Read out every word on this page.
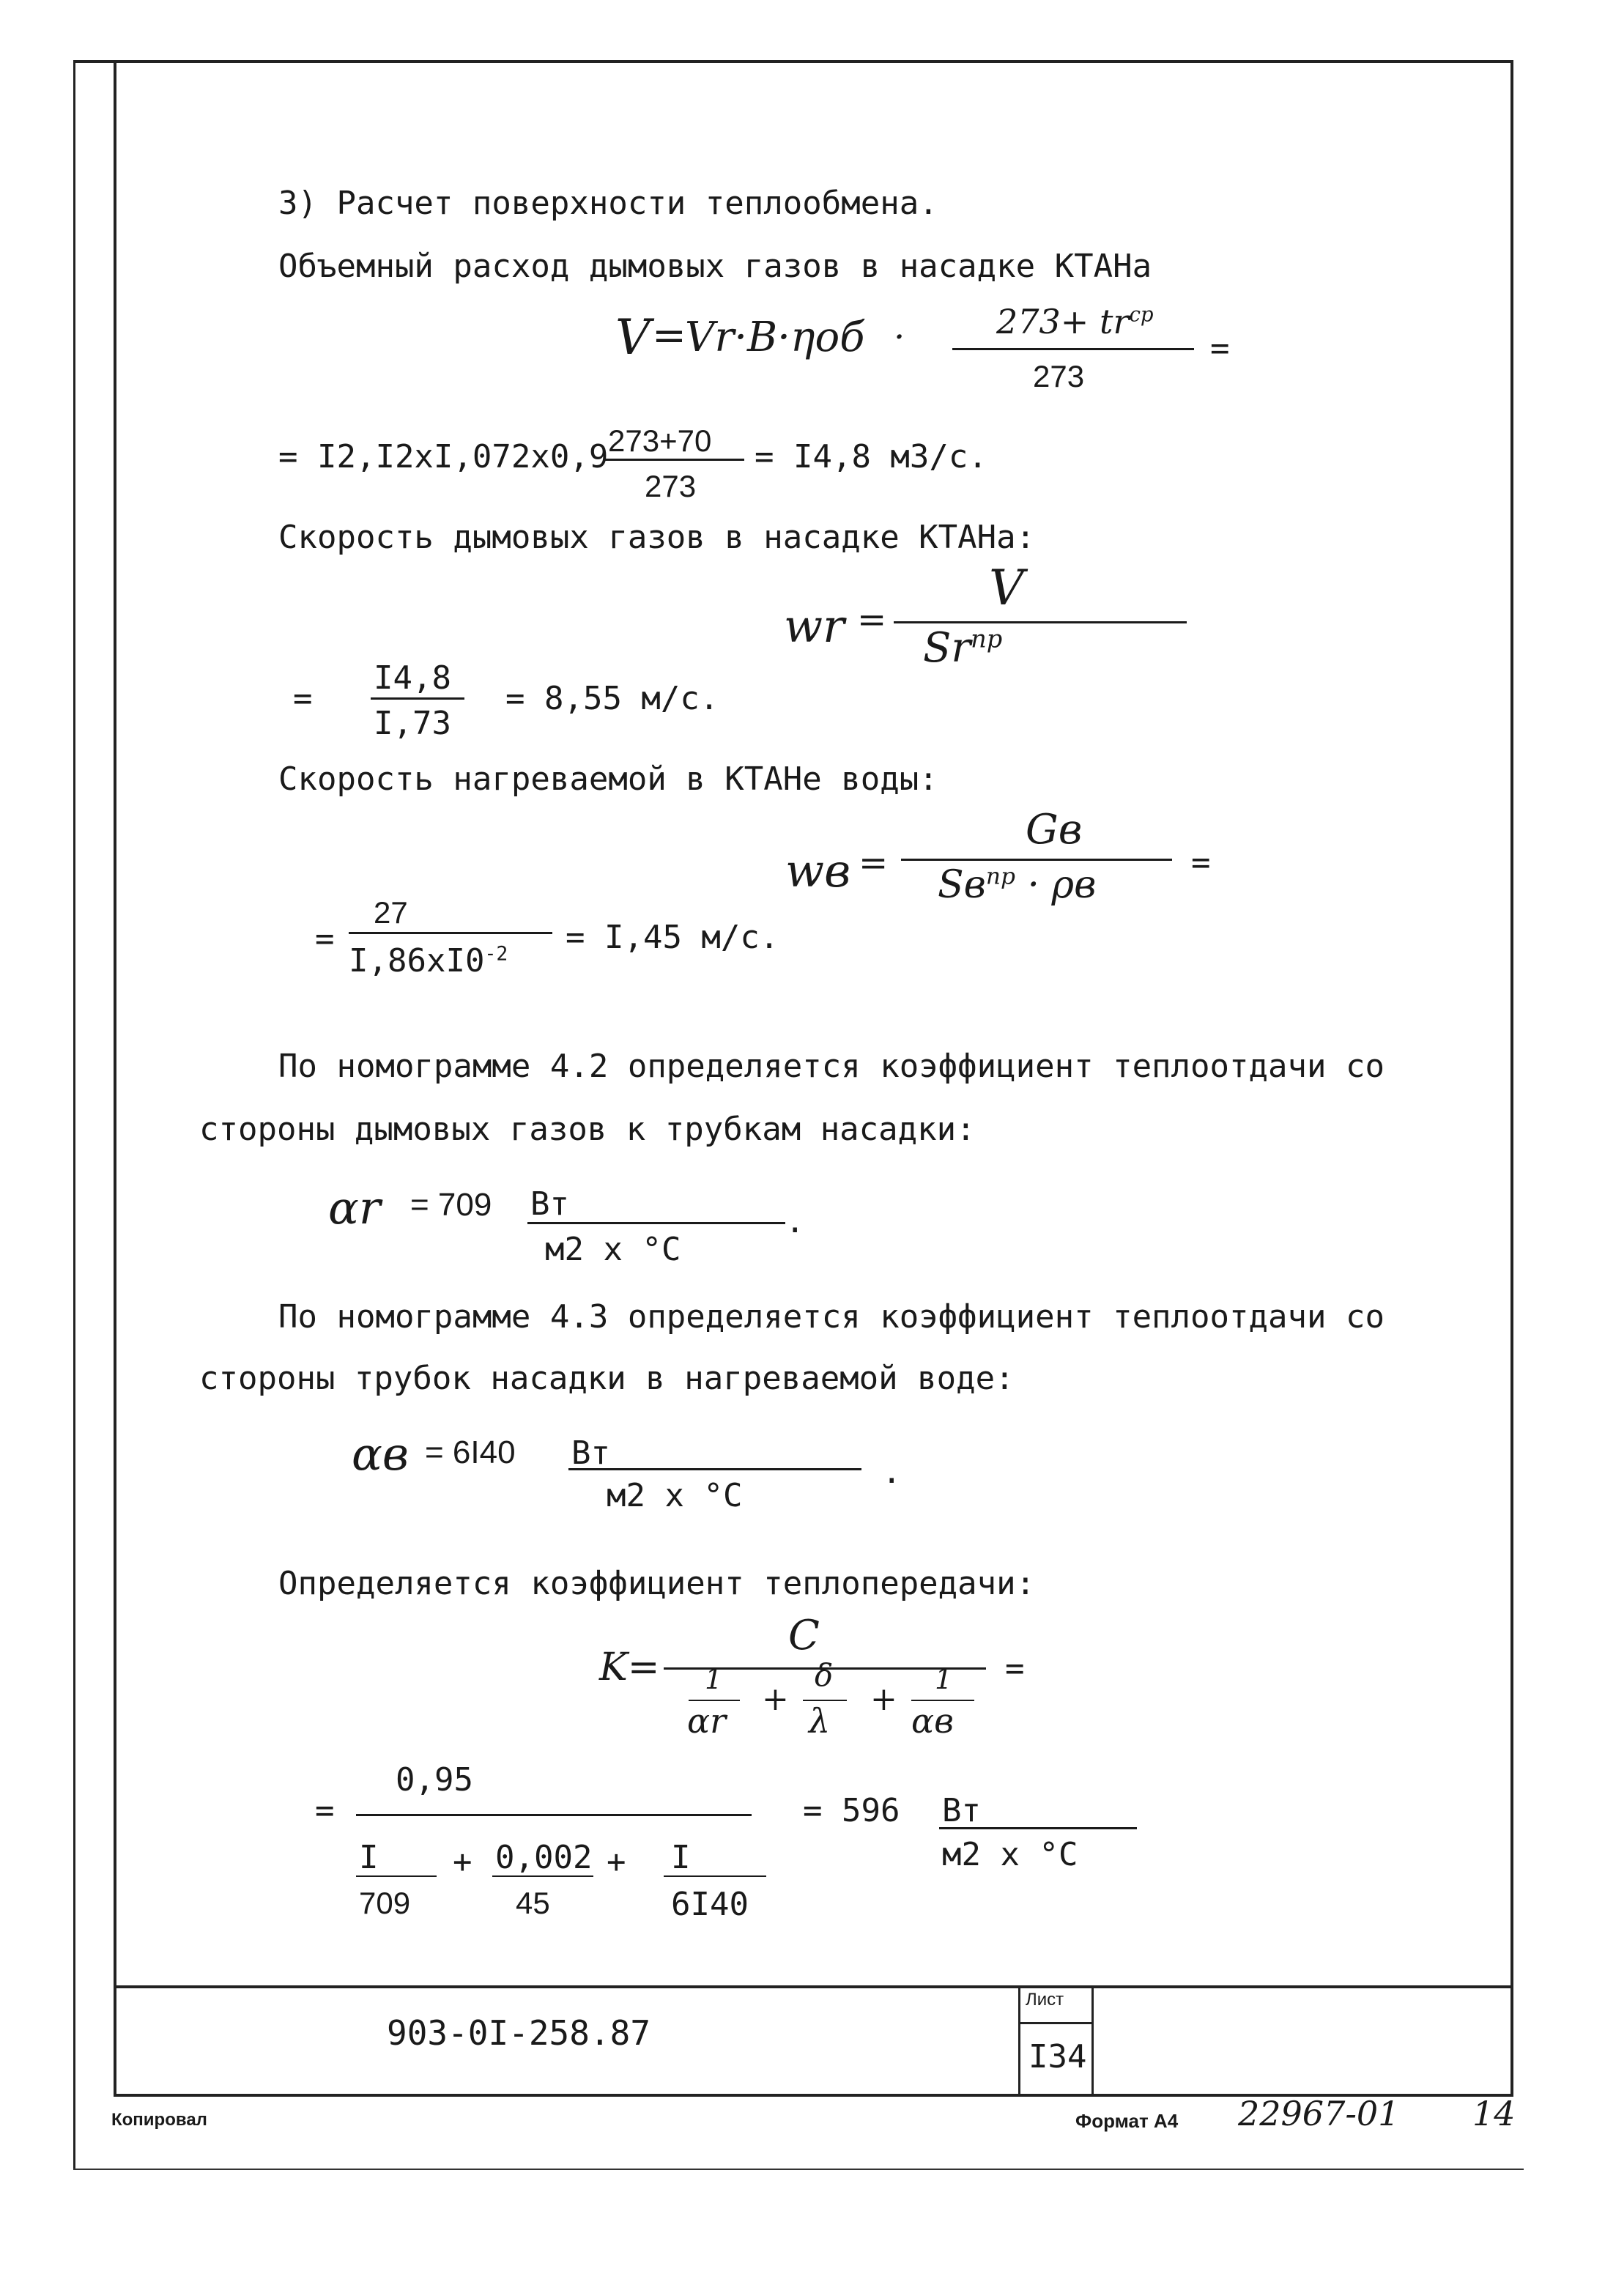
903-0I-258.87
Лист
I34
Копировал	Формат А4 22967-01 14
3) Расчет поверхности теплообмена.
Объемный расход дымовых газов в насадке КТАНа
V =
Vr·B·ηоб ·	$273+ tr^{ср}$
273
=
= I2,I2xI,072x0,9 273+70
273
= I4,8 м3/с.
Скорость дымовых газов в насадке КТАНа:
wr =
V
$Sr^{пр}$
=
I4,8
I,73
= 8,55 м/с.
Скорость нагреваемой в КТАНе воды:
wв =
Gв
$Sв^{пр} \cdot \rho в$
=
=
27
$I,86xI0^{-2} = I,45$ м/с.
По номограмме 4.2 определяется коэффициент теплоотдачи со
стороны дымовых газов к трубкам насадки:
αr = 709 Вт
м2 х °С
.
По номограмме 4.3 определяется коэффициент теплоотдачи со
стороны трубок насадки в нагреваемой воде:
αв = 6I40 Вт
м2 х °С
.
Определяется коэффициент теплопередачи:
K=
C
1
αr
+
δ
λ
+
1
αв
=
=
0,95
I
709
+ 0,002
45
+ I
6I40
= 596 Вт
м2 х °С
